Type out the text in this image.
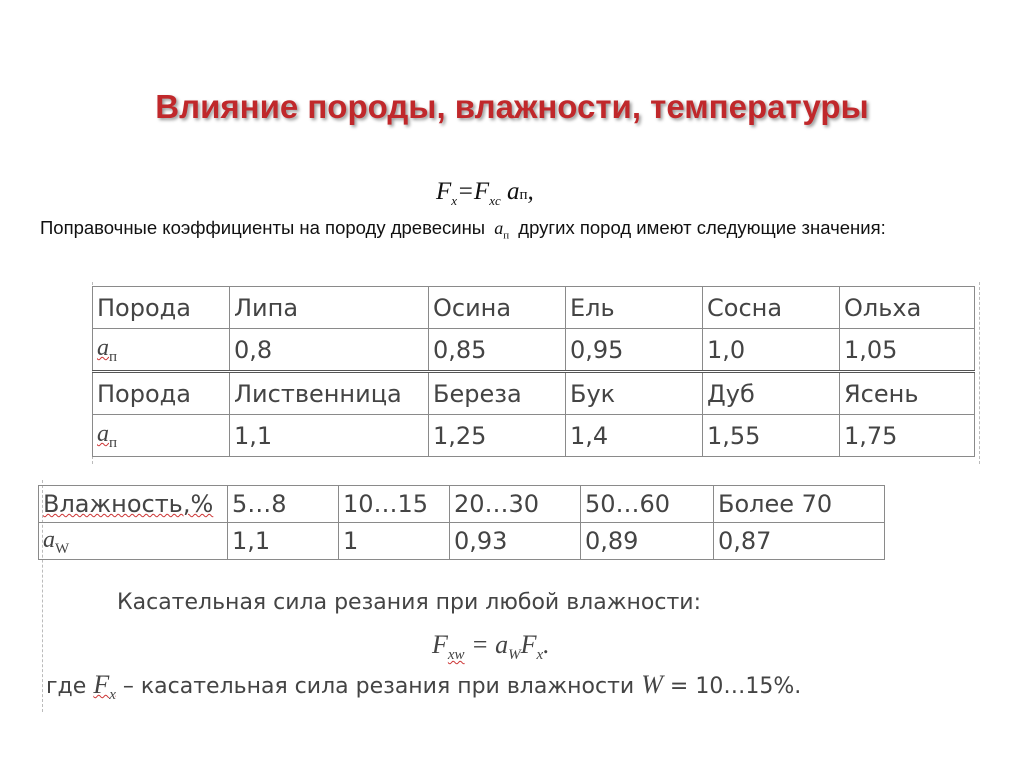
Влияние породы, влажности, температуры
$F_x=F_{xc}$ aп,
Поправочные коэффициенты на породу древесины $a_п$ других пород имеют следующие значения:
Порода	Липа	Осина	Ель	Сосна	Ольха
$a_п$	0,8	0,85	0,95	1,0	1,05
Порода	Лиственница	Береза	Бук	Дуб	Ясень
$a_п$	1,1	1,25	1,4	1,55	1,75
Влажность,%	5…8	10…15	20…30	50…60	Более 70
$a_W$	1,1	1	0,93	0,89	0,87
Касательная сила резания при любой влажности:
$F_{xw} = a_WF_x$.
где $F_x$ – касательная сила резания при влажности W = 10…15%.
